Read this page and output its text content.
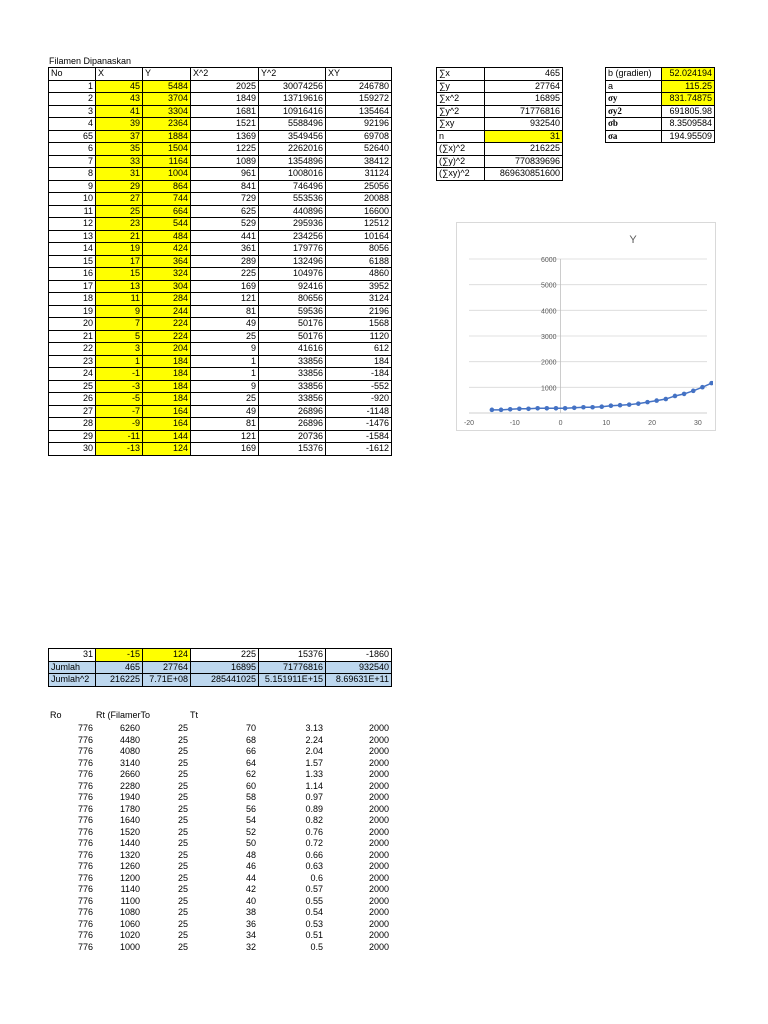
Filamen Dipanaskan
No	X	Y	X^2	Y^2	XY
1	45	5484	2025	30074256	246780
2	43	3704	1849	13719616	159272
3	41	3304	1681	10916416	135464
4	39	2364	1521	5588496	92196
65	37	1884	1369	3549456	69708
6	35	1504	1225	2262016	52640
7	33	1164	1089	1354896	38412
8	31	1004	961	1008016	31124
9	29	864	841	746496	25056
10	27	744	729	553536	20088
11	25	664	625	440896	16600
12	23	544	529	295936	12512
13	21	484	441	234256	10164
14	19	424	361	179776	8056
15	17	364	289	132496	6188
16	15	324	225	104976	4860
17	13	304	169	92416	3952
18	11	284	121	80656	3124
19	9	244	81	59536	2196
20	7	224	49	50176	1568
21	5	224	25	50176	1120
22	3	204	9	41616	612
23	1	184	1	33856	184
24	-1	184	1	33856	-184
25	-3	184	9	33856	-552
26	-5	184	25	33856	-920
27	-7	164	49	26896	-1148
28	-9	164	81	26896	-1476
29	-11	144	121	20736	-1584
30	-13	124	169	15376	-1612
31	-15	124	225	15376	-1860
Jumlah	465	27764	16895	71776816	932540
Jumlah^2	216225	7.71E+08	285441025	5.151911E+15	8.69631E+11
∑x	465
∑y	27764
∑x^2	16895
∑y^2	71776816
∑xy	932540
n	31
(∑x)^2	216225
(∑y)^2	770839696
(∑xy)^2	869630851600
b (gradien)	52.024194
a	115.25
σy	831.74875
σy2	691805.98
σb	8.3509584
σa	194.95509
Y
6000
5000
4000
3000
2000
1000
-20	-10	0	10	20	30
Ro	Rt (FilamerTo	Tt
776	6260	25	70	3.13	2000
776	4480	25	68	2.24	2000
776	4080	25	66	2.04	2000
776	3140	25	64	1.57	2000
776	2660	25	62	1.33	2000
776	2280	25	60	1.14	2000
776	1940	25	58	0.97	2000
776	1780	25	56	0.89	2000
776	1640	25	54	0.82	2000
776	1520	25	52	0.76	2000
776	1440	25	50	0.72	2000
776	1320	25	48	0.66	2000
776	1260	25	46	0.63	2000
776	1200	25	44	0.6	2000
776	1140	25	42	0.57	2000
776	1100	25	40	0.55	2000
776	1080	25	38	0.54	2000
776	1060	25	36	0.53	2000
776	1020	25	34	0.51	2000
776	1000	25	32	0.5	2000
